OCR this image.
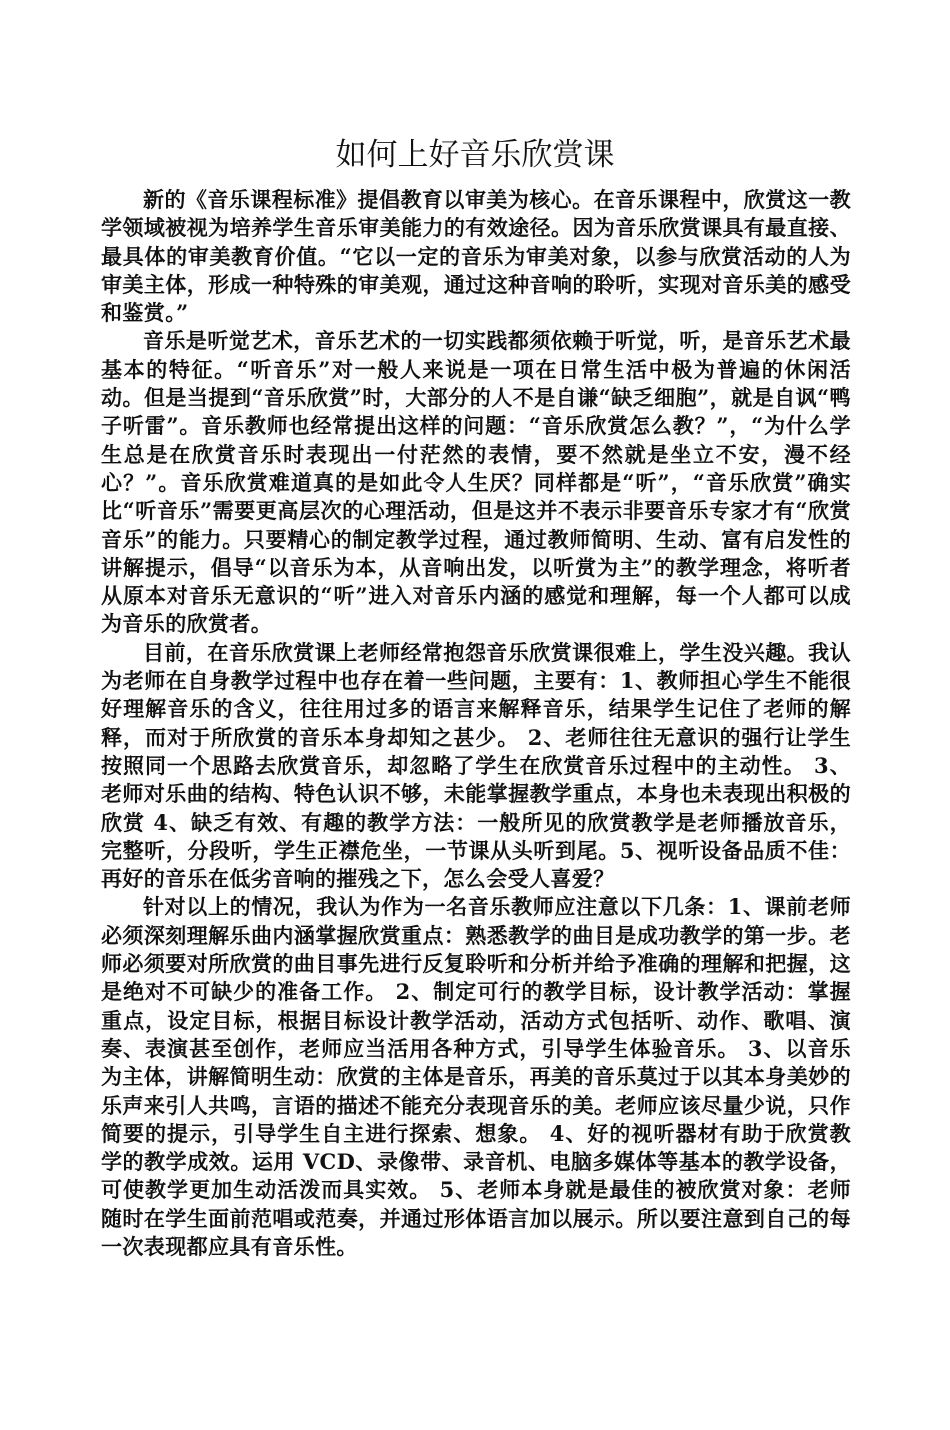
如何上好音乐欣赏课

新的《音乐课程标准》提倡教育以审美为核心。在音乐课程中，欣赏这一教学领域被视为培养学生音乐审美能力的有效途径。因为音乐欣赏课具有最直接、最具体的审美教育价值。“它以一定的音乐为审美对象，以参与欣赏活动的人为审美主体，形成一种特殊的审美观，通过这种音响的聆听，实现对音乐美的感受和鉴赏。”

音乐是听觉艺术，音乐艺术的一切实践都须依赖于听觉，听，是音乐艺术最基本的特征。“听音乐”对一般人来说是一项在日常生活中极为普遍的休闲活动。但是当提到“音乐欣赏”时，大部分的人不是自谦“缺乏细胞”，就是自讽“鸭子听雷”。音乐教师也经常提出这样的问题：“音乐欣赏怎么教？”，“为什么学生总是在欣赏音乐时表现出一付茫然的表情，要不然就是坐立不安，漫不经心？”。音乐欣赏难道真的是如此令人生厌？同样都是“听”，“音乐欣赏”确实比“听音乐”需要更高层次的心理活动，但是这并不表示非要音乐专家才有“欣赏音乐”的能力。只要精心的制定教学过程，通过教师简明、生动、富有启发性的讲解提示，倡导“以音乐为本，从音响出发，以听赏为主”的教学理念，将听者从原本对音乐无意识的“听”进入对音乐内涵的感觉和理解，每一个人都可以成为音乐的欣赏者。

目前，在音乐欣赏课上老师经常抱怨音乐欣赏课很难上，学生没兴趣。我认为老师在自身教学过程中也存在着一些问题，主要有：1、教师担心学生不能很好理解音乐的含义，往往用过多的语言来解释音乐，结果学生记住了老师的解释，而对于所欣赏的音乐本身却知之甚少。 2、老师往往无意识的强行让学生按照同一个思路去欣赏音乐，却忽略了学生在欣赏音乐过程中的主动性。 3、老师对乐曲的结构、特色认识不够，未能掌握教学重点，本身也未表现出积极的欣赏 4、缺乏有效、有趣的教学方法：一般所见的欣赏教学是老师播放音乐，完整听，分段听，学生正襟危坐，一节课从头听到尾。5、视听设备品质不佳：再好的音乐在低劣音响的摧残之下，怎么会受人喜爱？

针对以上的情况，我认为作为一名音乐教师应注意以下几条：1、课前老师必须深刻理解乐曲内涵掌握欣赏重点：熟悉教学的曲目是成功教学的第一步。老师必须要对所欣赏的曲目事先进行反复聆听和分析并给予准确的理解和把握，这是绝对不可缺少的准备工作。 2、制定可行的教学目标，设计教学活动：掌握重点，设定目标，根据目标设计教学活动，活动方式包括听、动作、歌唱、演奏、表演甚至创作，老师应当活用各种方式，引导学生体验音乐。 3、以音乐为主体，讲解简明生动：欣赏的主体是音乐，再美的音乐莫过于以其本身美妙的乐声来引人共鸣，言语的描述不能充分表现音乐的美。老师应该尽量少说，只作简要的提示，引导学生自主进行探索、想象。 4、好的视听器材有助于欣赏教学的教学成效。运用 VCD、录像带、录音机、电脑多媒体等基本的教学设备，可使教学更加生动活泼而具实效。 5、老师本身就是最佳的被欣赏对象：老师随时在学生面前范唱或范奏，并通过形体语言加以展示。所以要注意到自己的每一次表现都应具有音乐性。
